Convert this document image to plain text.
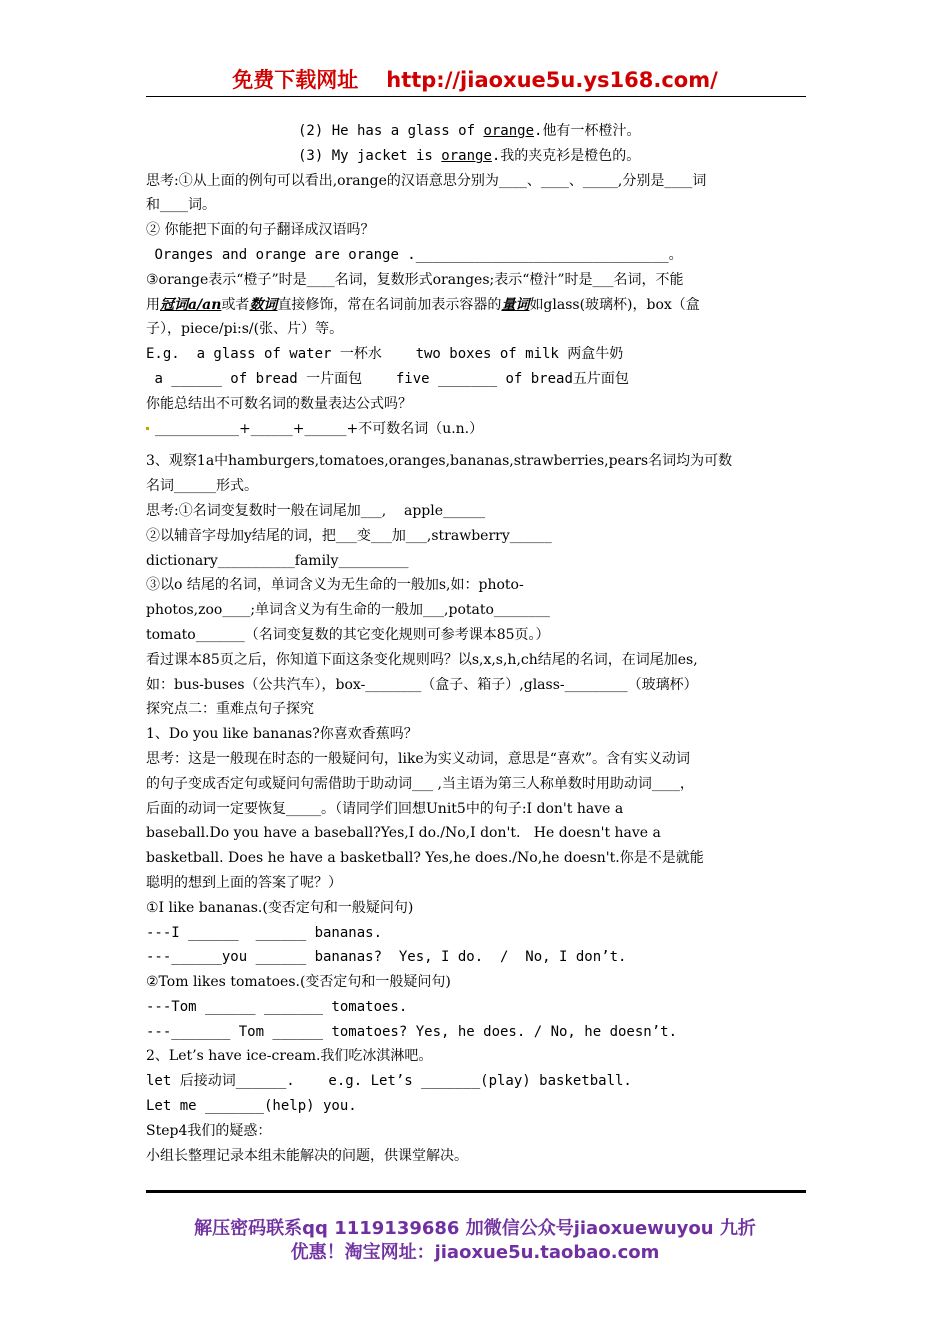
免费下载网址 http://jiaoxue5u.ys168.com/

(2) He has a glass of orange.他有一杯橙汁。

(3) My jacket is orange.我的夹克衫是橙色的。

思考:①从上面的例句可以看出,orange的汉语意思分别为____、____、_____,分别是____词

和____词。

② 你能把下面的句子翻译成汉语吗？

Oranges and orange are orange .______________________________。

③orange表示“橙子”时是____名词，复数形式oranges;表示“橙汁”时是___名词，不能

用冠词a/an或者数词直接修饰，常在名词前加表示容器的量词如glass(玻璃杯)，box（盒

子），piece/pi:s/(张、片）等。

E.g.  a glass of water 一杯水    two boxes of milk 两盒牛奶

a ______ of bread 一片面包    five _______ of bread五片面包

你能总结出不可数名词的数量表达公式吗？

____________+______+______+不可数名词（u.n.）

3、观察1a中hamburgers,tomatoes,oranges,bananas,strawberries,pears名词均为可数

名词______形式。

思考:①名词变复数时一般在词尾加___,    apple______

②以辅音字母加y结尾的词，把___变___加___,strawberry______

dictionary___________family__________

③以o 结尾的名词，单词含义为无生命的一般加s,如：photo-

photos,zoo____;单词含义为有生命的一般加___,potato________

tomato_______（名词变复数的其它变化规则可参考课本85页。）

看过课本85页之后，你知道下面这条变化规则吗？以s,x,s,h,ch结尾的名词，在词尾加es,

如：bus-buses（公共汽车），box-________（盒子、箱子）,glass-_________（玻璃杯）

探究点二：重难点句子探究

1、Do you like bananas?你喜欢香蕉吗？

思考：这是一般现在时态的一般疑问句，like为实义动词，意思是“喜欢”。含有实义动词

的句子变成否定句或疑问句需借助于助动词___ ,当主语为第三人称单数时用助动词____，

后面的动词一定要恢复_____。（请同学们回想Unit5中的句子:I don't have a

baseball.Do you have a baseball?Yes,I do./No,I don't.   He doesn't have a

basketball. Does he have a basketball? Yes,he does./No,he doesn't.你是不是就能

聪明的想到上面的答案了呢？）

①I like bananas.(变否定句和一般疑问句)

---I ______  ______ bananas.

---______you ______ bananas?  Yes, I do.  /  No, I don’t.

②Tom likes tomatoes.(变否定句和一般疑问句)

---Tom ______ _______ tomatoes.

---_______ Tom ______ tomatoes? Yes, he does. / No, he doesn’t.

2、Let’s have ice-cream.我们吃冰淇淋吧。

let 后接动词______.    e.g. Let’s _______(play) basketball.

Let me _______(help) you.

Step4我们的疑惑：

小组长整理记录本组未能解决的问题，供课堂解决。

解压密码联系qq 1119139686 加微信公众号jiaoxuewuyou 九折
优惠！淘宝网址：jiaoxue5u.taobao.com
